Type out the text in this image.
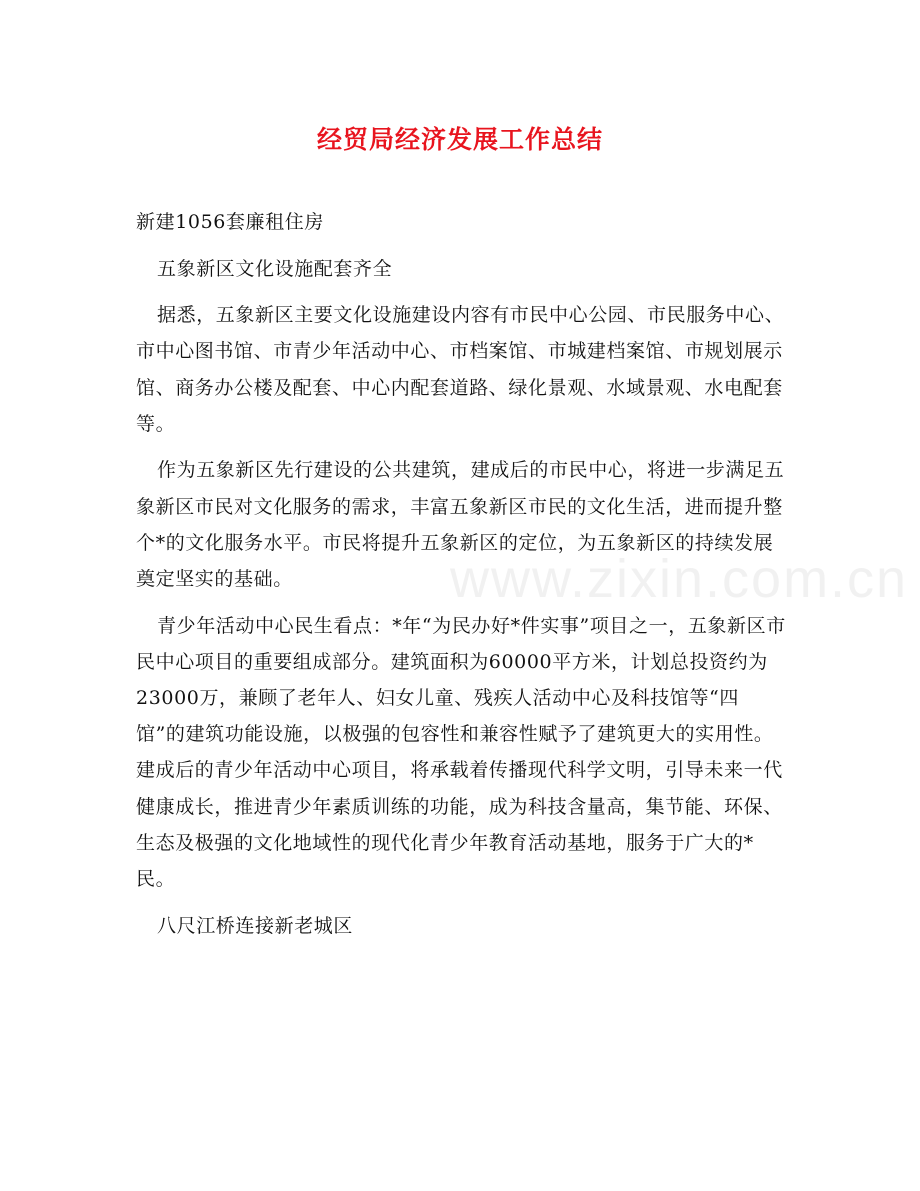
经贸局经济发展工作总结
www.zixin.com.cn

新建1056套廉租住房

五象新区文化设施配套齐全

据悉，五象新区主要文化设施建设内容有市民中心公园、市民服务中心、市中心图书馆、市青少年活动中心、市档案馆、市城建档案馆、市规划展示馆、商务办公楼及配套、中心内配套道路、绿化景观、水域景观、水电配套等。

作为五象新区先行建设的公共建筑，建成后的市民中心，将进一步满足五象新区市民对文化服务的需求，丰富五象新区市民的文化生活，进而提升整个*的文化服务水平。市民将提升五象新区的定位，为五象新区的持续发展奠定坚实的基础。

青少年活动中心民生看点：*年“为民办好*件实事”项目之一，五象新区市民中心项目的重要组成部分。建筑面积为60000平方米，计划总投资约为23000万，兼顾了老年人、妇女儿童、残疾人活动中心及科技馆等“四馆”的建筑功能设施，以极强的包容性和兼容性赋予了建筑更大的实用性。建成后的青少年活动中心项目，将承载着传播现代科学文明，引导未来一代健康成长，推进青少年素质训练的功能，成为科技含量高，集节能、环保、生态及极强的文化地域性的现代化青少年教育活动基地，服务于广大的*民。

八尺江桥连接新老城区
